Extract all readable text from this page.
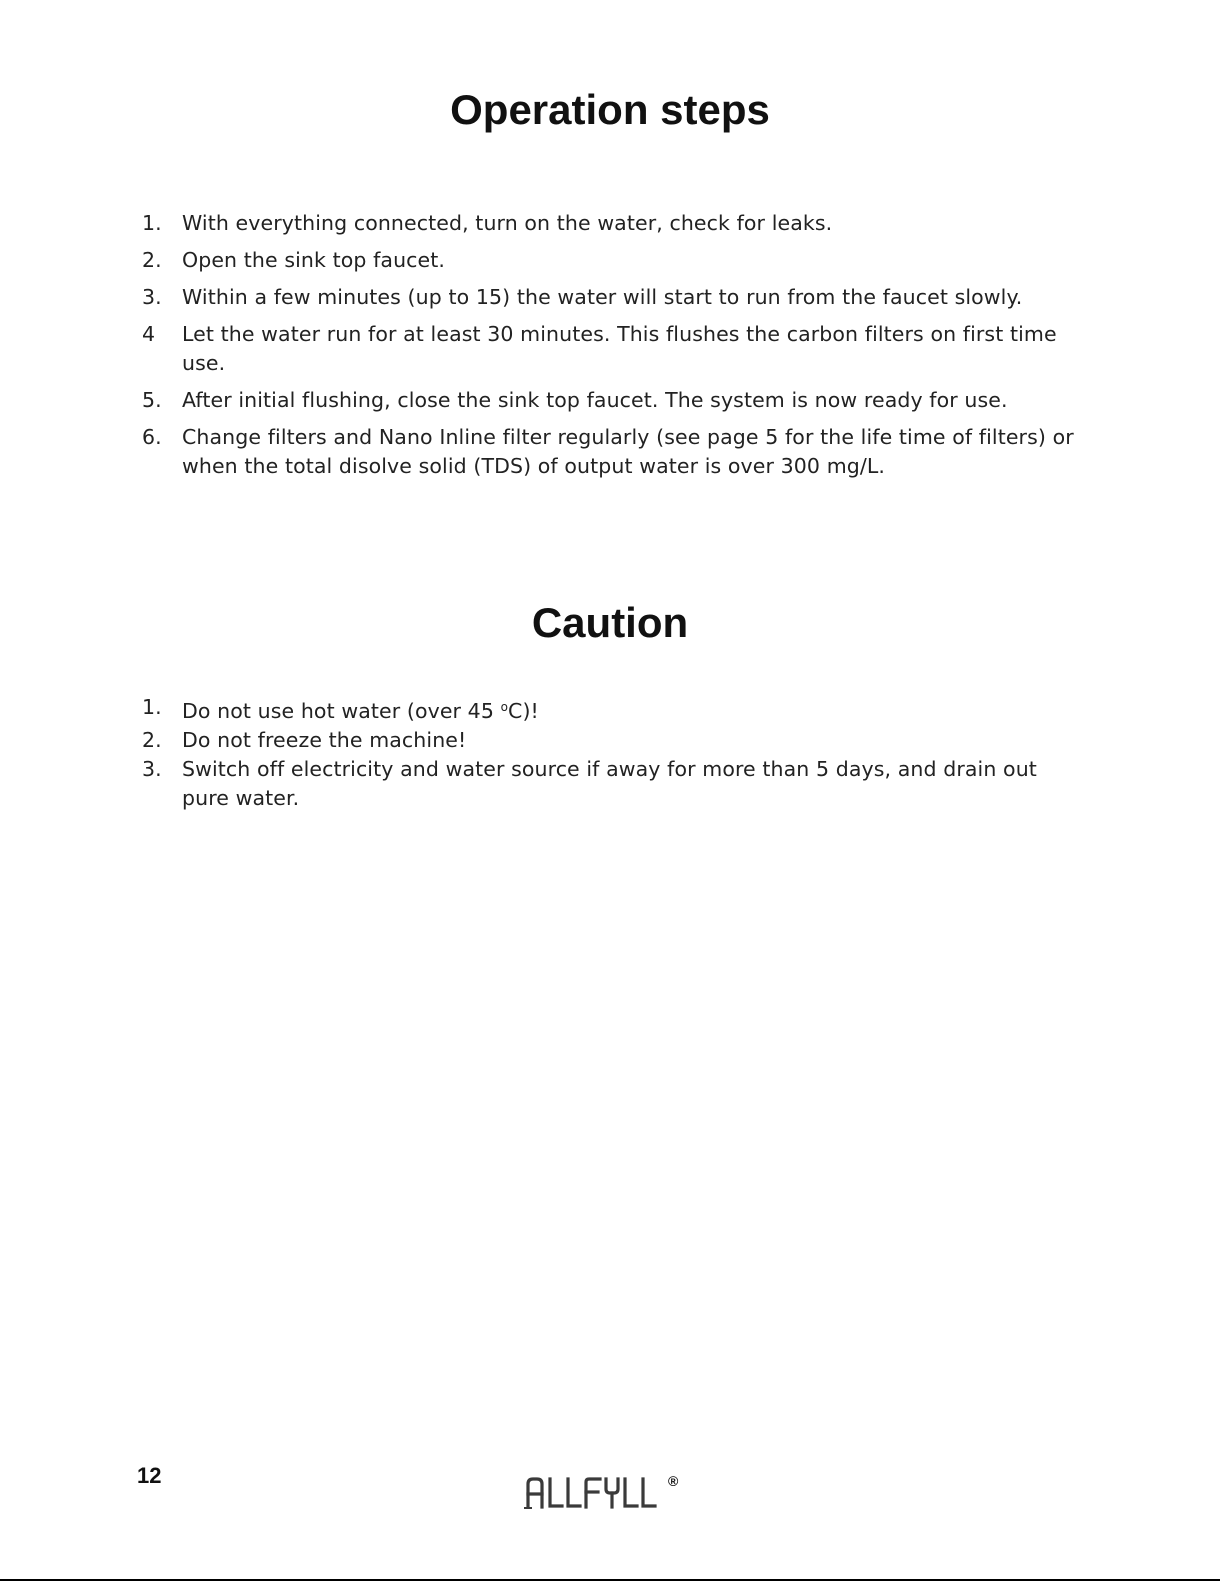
Operation steps
1. With everything connected, turn on the water, check for leaks.
2. Open the sink top faucet.
3. Within a few minutes (up to 15) the water will start to run from the faucet slowly.
4	Let the water run for at least 30 minutes. This flushes the carbon filters on first time use.
5. After initial flushing, close the sink top faucet. The system is now ready for use.
6. Change filters and Nano Inline filter regularly (see page 5 for the life time of filters) or when the total disolve solid (TDS) of output water is over 300 mg/L.
Caution
1. Do not use hot water (over 45 $^o$C)!
2. Do not freeze the machine!
3. Switch off electricity and water source if away for more than 5 days, and drain out pure water.
12	®
